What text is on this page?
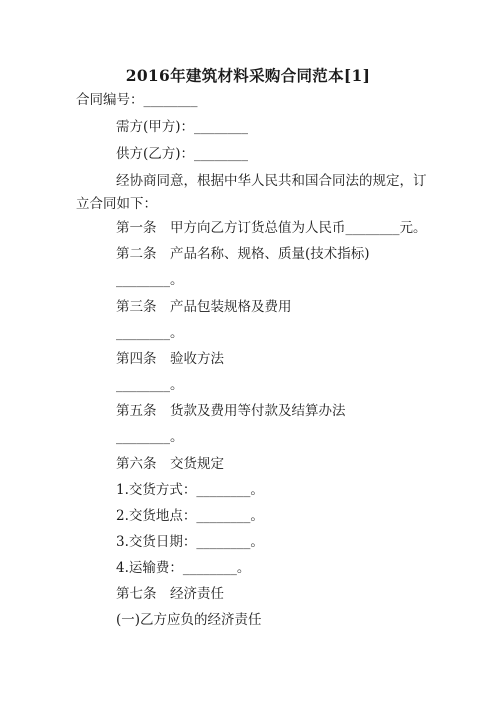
2016年建筑材料采购合同范本[1]
合同编号：________
需方(甲方)：________
供方(乙方)：________
经协商同意，根据中华人民共和国合同法的规定，订
立合同如下：
第一条 甲方向乙方订货总值为人民币________元。
第二条 产品名称、规格、质量(技术指标)
________。
第三条 产品包装规格及费用
________。
第四条 验收方法
________。
第五条 货款及费用等付款及结算办法
________。
第六条 交货规定
1.交货方式：________。
2.交货地点：________。
3.交货日期：________。
4.运输费：________。
第七条 经济责任
(一)乙方应负的经济责任
